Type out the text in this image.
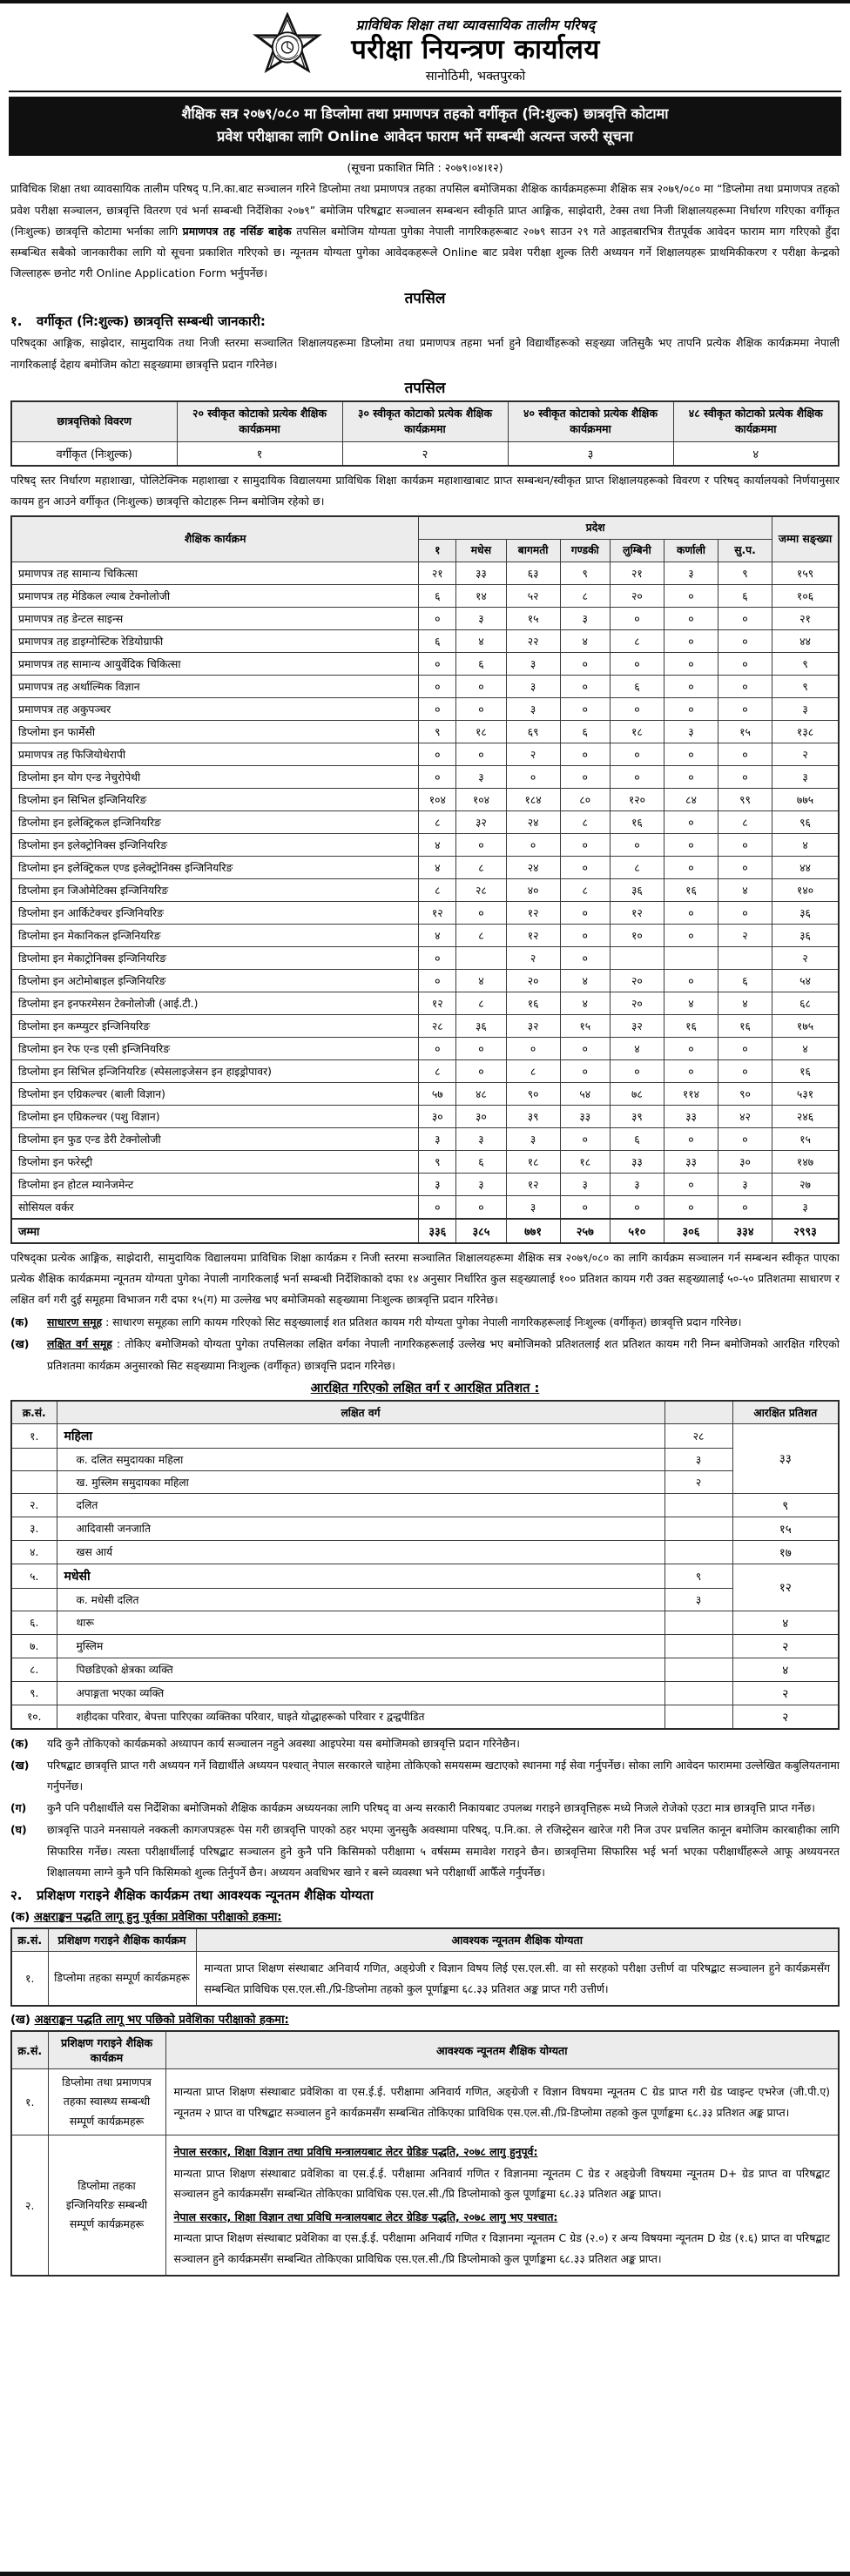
प्राविधिक शिक्षा तथा व्यावसायिक तालीम परिषद्
परीक्षा नियन्त्रण कार्यालय
सानोठिमी, भक्तपुरको
शैक्षिक सत्र २०७९/०८० मा डिप्लोमा तथा प्रमाणपत्र तहको वर्गीकृत (नि:शुल्क) छात्रवृत्ति कोटामा
प्रवेश परीक्षाका लागि Online आवेदन फाराम भर्ने सम्बन्धी अत्यन्त जरुरी सूचना
(सूचना प्रकाशित मिति : २०७९।०४।१२)

प्राविधिक शिक्षा तथा व्यावसायिक तालीम परिषद् प.नि.का.बाट सञ्चालन गरिने डिप्लोमा तथा प्रमाणपत्र तहका तपसिल बमोजिमका शैक्षिक कार्यक्रमहरूमा शैक्षिक सत्र २०७९/०८० मा “डिप्लोमा तथा प्रमाणपत्र तहको प्रवेश परीक्षा सञ्चालन, छात्रवृत्ति वितरण एवं भर्ना सम्बन्धी निर्देशिका २०७९” बमोजिम परिषद्बाट सञ्चालन सम्बन्धन स्वीकृति प्राप्त आङ्गिक, साझेदारी, टेक्स तथा निजी शिक्षालयहरूमा निर्धारण गरिएका वर्गीकृत (निःशुल्क) छात्रवृत्ति कोटामा भर्नाका लागि प्रमाणपत्र तह नर्सिङ बाहेक तपसिल बमोजिम योग्यता पुगेका नेपाली नागरिकहरूबाट २०७९ साउन २९ गते आइतबारभित्र रीतपूर्वक आवेदन फाराम माग गरिएको हुँदा सम्बन्धित सबैको जानकारीका लागि यो सूचना प्रकाशित गरिएको छ। न्यूनतम योग्यता पुगेका आवेदकहरूले Online बाट प्रवेश परीक्षा शुल्क तिरी अध्ययन गर्ने शिक्षालयहरू प्राथमिकीकरण र परीक्षा केन्द्रको जिल्लाहरू छनोट गरी Online Application Form भर्नुपर्नेछ।

तपसिल
१.	वर्गीकृत (नि:शुल्क) छात्रवृत्ति सम्बन्धी जानकारी:

परिषद्का आङ्गिक, साझेदार, सामुदायिक तथा निजी स्तरमा सञ्चालित शिक्षालयहरूमा डिप्लोमा तथा प्रमाणपत्र तहमा भर्ना हुने विद्यार्थीहरूको सङ्ख्या जतिसुकै भए तापनि प्रत्येक शैक्षिक कार्यक्रममा नेपाली नागरिकलाई देहाय बमोजिम कोटा सङ्ख्यामा छात्रवृत्ति प्रदान गरिनेछ।

तपसिल
छात्रवृत्तिको विवरण	२० स्वीकृत कोटाको प्रत्येक शैक्षिक कार्यक्रममा	३० स्वीकृत कोटाको प्रत्येक शैक्षिक कार्यक्रममा	४० स्वीकृत कोटाको प्रत्येक शैक्षिक कार्यक्रममा	४८ स्वीकृत कोटाको प्रत्येक शैक्षिक कार्यक्रममा
वर्गीकृत (निःशुल्क)	१	२	३	४

परिषद् स्तर निर्धारण महाशाखा, पोलिटेक्निक महाशाखा र सामुदायिक विद्यालयमा प्राविधिक शिक्षा कार्यक्रम महाशाखाबाट प्राप्त सम्बन्धन/स्वीकृत प्राप्त शिक्षालयहरूको विवरण र परिषद् कार्यालयको निर्णयानुसार कायम हुन आउने वर्गीकृत (निःशुल्क) छात्रवृत्ति कोटाहरू निम्न बमोजिम रहेको छ।

शैक्षिक कार्यक्रम	प्रदेश							जम्मा सङ्ख्या
	१	मधेस	बागमती	गण्डकी	लुम्बिनी	कर्णाली	सु.प.	
प्रमाणपत्र तह सामान्य चिकित्सा	२१	३३	६३	९	२१	३	९	१५९
प्रमाणपत्र तह मेडिकल ल्याब टेक्नोलोजी	६	१४	५२	८	२०	०	६	१०६
प्रमाणपत्र तह डेन्टल साइन्स	०	३	१५	३	०	०	०	२१
प्रमाणपत्र तह डाइग्नोस्टिक रेडियोग्राफी	६	४	२२	४	८	०	०	४४
प्रमाणपत्र तह सामान्य आयुर्वेदिक चिकित्सा	०	६	३	०	०	०	०	९
प्रमाणपत्र तह अर्थाल्मिक विज्ञान	०	०	३	०	६	०	०	९
प्रमाणपत्र तह अकुपञ्चर	०	०	३	०	०	०	०	३
डिप्लोमा इन फार्मेसी	९	१८	६९	६	१८	३	१५	१३८
प्रमाणपत्र तह फिजियोथेरापी	०	०	२	०	०	०	०	२
डिप्लोमा इन योग एन्ड नेचुरोपेथी	०	३	०	०	०	०	०	३
डिप्लोमा इन सिभिल इन्जिनियरिङ	१०४	१०४	१८४	८०	१२०	८४	९९	७७५
डिप्लोमा इन इलेक्ट्रिकल इन्जिनियरिङ	८	३२	२४	८	१६	०	८	९६
डिप्लोमा इन इलेक्ट्रोनिक्स इन्जिनियरिङ	४	०	०	०	०	०	०	४
डिप्लोमा इन इलेक्ट्रिकल एण्ड इलेक्ट्रोनिक्स इन्जिनियरिङ	४	८	२४	०	८	०	०	४४
डिप्लोमा इन जिओमेटिक्स इन्जिनियरिङ	८	२८	४०	८	३६	१६	४	१४०
डिप्लोमा इन आर्किटेक्चर इन्जिनियरिङ	१२	०	१२	०	१२	०	०	३६
डिप्लोमा इन मेकानिकल इन्जिनियरिङ	४	८	१२	०	१०	०	२	३६
डिप्लोमा इन मेकाट्रोनिक्स इन्जिनियरिङ	०		२	०				२
डिप्लोमा इन अटोमोबाइल इन्जिनियरिङ	०	४	२०	४	२०	०	६	५४
डिप्लोमा इन इनफरमेसन टेक्नोलोजी (आई.टी.)	१२	८	१६	४	२०	४	४	६८
डिप्लोमा इन कम्प्युटर इन्जिनियरिङ	२८	३६	३२	१५	३२	१६	१६	१७५
डिप्लोमा इन रेफ एन्ड एसी इन्जिनियरिङ	०	०	०	०	४	०	०	४
डिप्लोमा इन सिभिल इन्जिनियरिङ (स्पेसलाइजेसन इन हाइड्रोपावर)	८	०	८	०	०	०	०	१६
डिप्लोमा इन एग्रिकल्चर (बाली विज्ञान)	५७	४८	९०	५४	७८	११४	९०	५३१
डिप्लोमा इन एग्रिकल्चर (पशु विज्ञान)	३०	३०	३९	३३	३९	३३	४२	२४६
डिप्लोमा इन फुड एन्ड डेरी टेक्नोलोजी	३	३	३	०	६	०	०	१५
डिप्लोमा इन फरेस्ट्री	९	६	१८	१८	३३	३३	३०	१४७
डिप्लोमा इन होटल म्यानेजमेन्ट	३	३	१२	३	३	०	३	२७
सोसियल वर्कर	०	०	३	०	०	०	०	३
जम्मा	३३६	३८५	७७१	२५७	५१०	३०६	३३४	२९९३

परिषद्का प्रत्येक आङ्गिक, साझेदारी, सामुदायिक विद्यालयमा प्राविधिक शिक्षा कार्यक्रम र निजी स्तरमा सञ्चालित शिक्षालयहरूमा शैक्षिक सत्र २०७९/०८० का लागि कार्यक्रम सञ्चालन गर्न सम्बन्धन स्वीकृत पाएका प्रत्येक शैक्षिक कार्यक्रममा न्यूनतम योग्यता पुगेका नेपाली नागरिकलाई भर्ना सम्बन्धी निर्देशिकाको दफा १४ अनुसार निर्धारित कुल सङ्ख्यालाई १०० प्रतिशत कायम गरी उक्त सङ्ख्यालाई ५०-५० प्रतिशतमा साधारण र लक्षित वर्ग गरी दुई समूहमा विभाजन गरी दफा १५(ग) मा उल्लेख भए बमोजिमको सङ्ख्यामा निःशुल्क छात्रवृत्ति प्रदान गरिनेछ।

(क)	साधारण समूह : साधारण समूहका लागि कायम गरिएको सिट सङ्ख्यालाई शत प्रतिशत कायम गरी योग्यता पुगेका नेपाली नागरिकहरूलाई निःशुल्क (वर्गीकृत) छात्रवृत्ति प्रदान गरिनेछ।
(ख)	लक्षित वर्ग समूह : तोकिए बमोजिमको योग्यता पुगेका तपसिलका लक्षित वर्गका नेपाली नागरिकहरूलाई उल्लेख भए बमोजिमको प्रतिशतलाई शत प्रतिशत कायम गरी निम्न बमोजिमको आरक्षित गरिएको प्रतिशतमा कार्यक्रम अनुसारको सिट सङ्ख्यामा निःशुल्क (वर्गीकृत) छात्रवृत्ति प्रदान गरिनेछ।
आरक्षित गरिएको लक्षित वर्ग र आरक्षित प्रतिशत :
क्र.सं.	लक्षित वर्ग		आरक्षित प्रतिशत
१.	महिला	२८	३३
	क. दलित समुदायका महिला	३	
	ख. मुस्लिम समुदायका महिला	२	
२.	दलित		९
३.	आदिवासी जनजाति		१५
४.	खस आर्य		१७
५.	मधेसी	९	१२
	क. मधेसी दलित	३	
६.	थारू		४
७.	मुस्लिम		२
८.	पिछडिएको क्षेत्रका व्यक्ति		४
९.	अपाङ्गता भएका व्यक्ति		२
१०.	शहीदका परिवार, बेपत्ता पारिएका व्यक्तिका परिवार, घाइते योद्धाहरूको परिवार र द्वन्द्वपीडित		२
(क)	यदि कुनै तोकिएको कार्यक्रमको अध्यापन कार्य सञ्चालन नहुने अवस्था आइपरेमा यस बमोजिमको छात्रवृत्ति प्रदान गरिनेछैन।
(ख)	परिषद्बाट छात्रवृत्ति प्राप्त गरी अध्ययन गर्ने विद्यार्थीले अध्ययन पश्चात् नेपाल सरकारले चाहेमा तोकिएको समयसम्म खटाएको स्थानमा गई सेवा गर्नुपर्नेछ। सोका लागि आवेदन फाराममा उल्लेखित कबुलियतनामा गर्नुपर्नेछ।
(ग)	कुनै पनि परीक्षार्थीले यस निर्देशिका बमोजिमको शैक्षिक कार्यक्रम अध्ययनका लागि परिषद् वा अन्य सरकारी निकायबाट उपलब्ध गराइने छात्रवृत्तिहरू मध्ये निजले रोजेको एउटा मात्र छात्रवृत्ति प्राप्त गर्नेछ।
(घ)	छात्रवृत्ति पाउने मनसायले नक्कली कागजपत्रहरू पेस गरी छात्रवृत्ति पाएको ठहर भएमा जुनसुकै अवस्थामा परिषद्, प.नि.का. ले रजिस्ट्रेसन खारेज गरी निज उपर प्रचलित कानून बमोजिम कारबाहीका लागि सिफारिस गर्नेछ। त्यस्ता परीक्षार्थीलाई परिषद्बाट सञ्चालन हुने कुनै पनि किसिमको परीक्षामा ५ वर्षसम्म समावेश गराइने छैन। छात्रवृत्तिमा सिफारिस भई भर्ना भएका परीक्षार्थीहरूले आफू अध्ययनरत शिक्षालयमा लाग्ने कुनै पनि किसिमको शुल्क तिर्नुपर्ने छैन। अध्ययन अवधिभर खाने र बस्ने व्यवस्था भने परीक्षार्थी आफैँले गर्नुपर्नेछ।
२.	प्रशिक्षण गराइने शैक्षिक कार्यक्रम तथा आवश्यक न्यूनतम शैक्षिक योग्यता
(क) अक्षराङ्कन पद्धति लागू हुनु पूर्वका प्रवेशिका परीक्षाको हकमा:
क्र.सं.	प्रशिक्षण गराइने शैक्षिक कार्यक्रम	आवश्यक न्यूनतम शैक्षिक योग्यता
१.	डिप्लोमा तहका सम्पूर्ण कार्यक्रमहरू	मान्यता प्राप्त शिक्षण संस्थाबाट अनिवार्य गणित, अङ्ग्रेजी र विज्ञान विषय लिई एस.एल.सी. वा सो सरहको परीक्षा उत्तीर्ण वा परिषद्बाट सञ्चालन हुने कार्यक्रमसँग सम्बन्धित प्राविधिक एस.एल.सी./प्रि-डिप्लोमा तहको कुल पूर्णाङ्कमा ६८.३३ प्रतिशत अङ्क प्राप्त गरी उत्तीर्ण।
(ख) अक्षराङ्कन पद्धति लागू भए पछिको प्रवेशिका परीक्षाको हकमा:
क्र.सं.	प्रशिक्षण गराइने शैक्षिक कार्यक्रम	आवश्यक न्यूनतम शैक्षिक योग्यता
१.	डिप्लोमा तथा प्रमाणपत्र तहका स्वास्थ्य सम्बन्धी सम्पूर्ण कार्यक्रमहरू	मान्यता प्राप्त शिक्षण संस्थाबाट प्रवेशिका वा एस.ई.ई. परीक्षामा अनिवार्य गणित, अङ्ग्रेजी र विज्ञान विषयमा न्यूनतम C ग्रेड प्राप्त गरी ग्रेड प्वाइन्ट एभरेज (जी.पी.ए) न्यूनतम २ प्राप्त वा परिषद्बाट सञ्चालन हुने कार्यक्रमसँग सम्बन्धित तोकिएका प्राविधिक एस.एल.सी./प्रि-डिप्लोमा तहको कुल पूर्णाङ्कमा ६८.३३ प्रतिशत अङ्क प्राप्त।
२.	डिप्लोमा तहका इन्जिनियरिङ सम्बन्धी सम्पूर्ण कार्यक्रमहरू	नेपाल सरकार, शिक्षा विज्ञान तथा प्रविधि मन्त्रालयबाट लेटर ग्रेडिङ पद्धति, २०७८ लागु हुनुपूर्व:
मान्यता प्राप्त शिक्षण संस्थाबाट प्रवेशिका वा एस.ई.ई. परीक्षामा अनिवार्य गणित र विज्ञानमा न्यूनतम C ग्रेड र अङ्ग्रेजी विषयमा न्यूनतम D+ ग्रेड प्राप्त वा परिषद्बाट सञ्चालन हुने कार्यक्रमसँग सम्बन्धित तोकिएका प्राविधिक एस.एल.सी./प्रि डिप्लोमाको कुल पूर्णाङ्कमा ६८.३३ प्रतिशत अङ्क प्राप्त।
नेपाल सरकार, शिक्षा विज्ञान तथा प्रविधि मन्त्रालयबाट लेटर ग्रेडिङ पद्धति, २०७८ लागु भए पश्चात:
मान्यता प्राप्त शिक्षण संस्थाबाट प्रवेशिका वा एस.ई.ई. परीक्षामा अनिवार्य गणित र विज्ञानमा न्यूनतम C ग्रेड (२.०) र अन्य विषयमा न्यूनतम D ग्रेड (१.६) प्राप्त वा परिषद्बाट सञ्चालन हुने कार्यक्रमसँग सम्बन्धित तोकिएका प्राविधिक एस.एल.सी./प्रि डिप्लोमाको कुल पूर्णाङ्कमा ६८.३३ प्रतिशत अङ्क प्राप्त।
